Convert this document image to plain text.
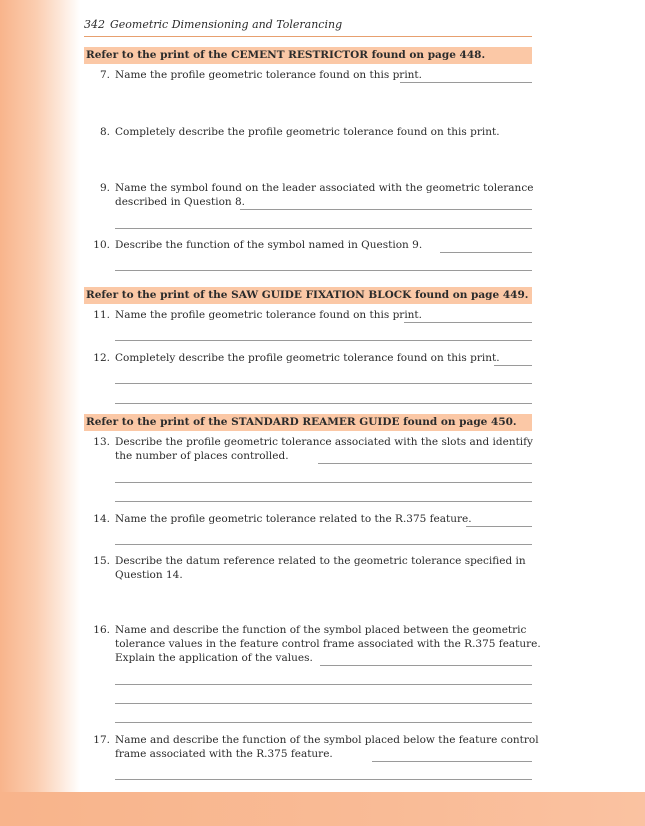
342 Geometric Dimensioning and Tolerancing
Refer to the print of the CEMENT RESTRICTOR found on page 448.
7. Name the profile geometric tolerance found on this print.
8. Completely describe the profile geometric tolerance found on this print.
9. Name the symbol found on the leader associated with the geometric tolerance
described in Question 8.
10. Describe the function of the symbol named in Question 9.
Refer to the print of the SAW GUIDE FIXATION BLOCK found on page 449.
11. Name the profile geometric tolerance found on this print.
12. Completely describe the profile geometric tolerance found on this print.
Refer to the print of the STANDARD REAMER GUIDE found on page 450.
13. Describe the profile geometric tolerance associated with the slots and identify
the number of places controlled.
14. Name the profile geometric tolerance related to the R.375 feature.
15. Describe the datum reference related to the geometric tolerance specified in
Question 14.
16. Name and describe the function of the symbol placed between the geometric
tolerance values in the feature control frame associated with the R.375 feature.
Explain the application of the values.
17. Name and describe the function of the symbol placed below the feature control
frame associated with the R.375 feature.
